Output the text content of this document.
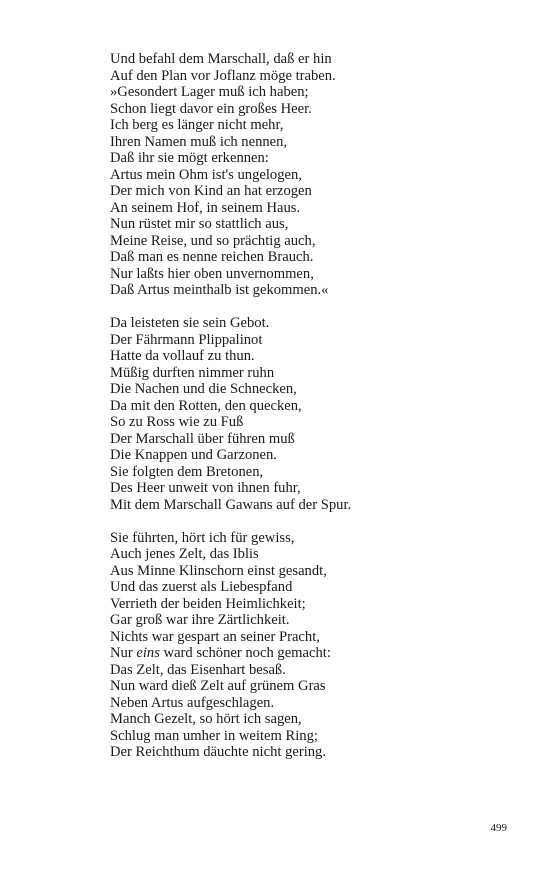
Und befahl dem Marschall, daß er hin
Auf den Plan vor Joflanz möge traben.
»Gesondert Lager muß ich haben;
Schon liegt davor ein großes Heer.
Ich berg es länger nicht mehr,
Ihren Namen muß ich nennen,
Daß ihr sie mögt erkennen:
Artus mein Ohm ist's ungelogen,
Der mich von Kind an hat erzogen
An seinem Hof, in seinem Haus.
Nun rüstet mir so stattlich aus,
Meine Reise, und so prächtig auch,
Daß man es nenne reichen Brauch.
Nur laßts hier oben unvernommen,
Daß Artus meinthalb ist gekommen.«
Da leisteten sie sein Gebot.
Der Fährmann Plippalinot
Hatte da vollauf zu thun.
Müßig durften nimmer ruhn
Die Nachen und die Schnecken,
Da mit den Rotten, den quecken,
So zu Ross wie zu Fuß
Der Marschall über führen muß
Die Knappen und Garzonen.
Sie folgten dem Bretonen,
Des Heer unweit von ihnen fuhr,
Mit dem Marschall Gawans auf der Spur.
Sie führten, hört ich für gewiss,
Auch jenes Zelt, das Iblis
Aus Minne Klinschorn einst gesandt,
Und das zuerst als Liebespfand
Verrieth der beiden Heimlichkeit;
Gar groß war ihre Zärtlichkeit.
Nichts war gespart an seiner Pracht,
Nur eins ward schöner noch gemacht:
Das Zelt, das Eisenhart besaß.
Nun ward dieß Zelt auf grünem Gras
Neben Artus aufgeschlagen.
Manch Gezelt, so hört ich sagen,
Schlug man umher in weitem Ring;
Der Reichthum däuchte nicht gering.
499
